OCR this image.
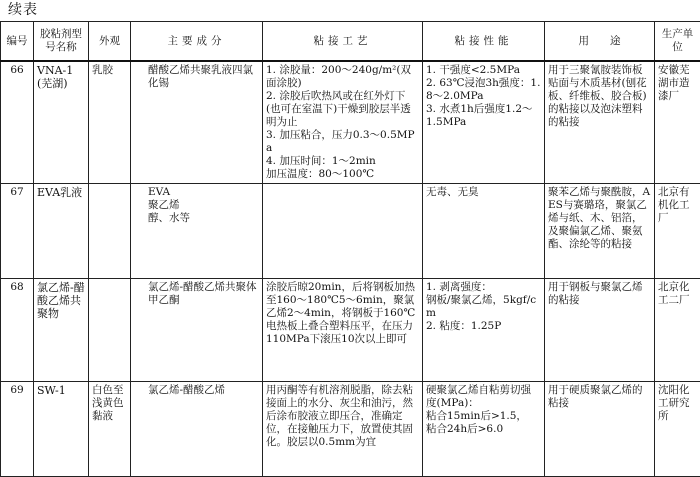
续表
编号	胶粘剂型号名称	外观	主要成分	粘接工艺	粘接性能	用　　途	生产单位
66	VNA-1(芜湖)	乳胶	醋酸乙烯共聚乳液四氯化锡	1. 涂胶量：200～240g/m²(双面涂胶)
2. 涂胶后吹热风或在红外灯下(也可在室温下)干燥到胶层半透明为止
3. 加压粘合，压力0.3～0.5MPa
4. 加压时间：1～2min
加压温度：80～100℃	1. 干强度<2.5MPa
2. 63℃浸泡3h强度：1.8～2.0MPa
3. 水煮1h后强度1.2～1.5MPa	用于三聚氰胺装饰板贴面与木质基材(刨花板、纤维板、胶合板)的粘接以及泡沫塑料的粘接	安徽芜湖市造漆厂
67	EVA乳液		EVA
聚乙烯
醇、水等		无毒、无臭	聚苯乙烯与聚酰胺，AES与赛璐珞，聚氯乙烯与纸、木、铝箔，及聚偏氯乙烯、聚氨酯、涂纶等的粘接	北京有机化工厂
68	氯乙烯-醋酸乙烯共聚物		氯乙烯-醋酸乙烯共聚体
甲乙酮	涂胶后晾20min，后将钢板加热至160～180℃5～6min，聚氯乙烯2～4min，将钢板于160℃电热板上叠合塑料压平，在压力110MPa下滚压10次以上即可	1. 剥离强度：
钢板/聚氯乙烯，5kgf/cm
2. 粘度：1.25P	用于钢板与聚氯乙烯的粘接	北京化工二厂
69	SW-1	白色至浅黄色黏液	氯乙烯-醋酸乙烯	用丙酮等有机溶剂脱脂，除去粘接面上的水分、灰尘和油污，然后涂布胶液立即压合，准确定位，在接触压力下，放置使其固化。胶层以0.5mm为宜	硬聚氯乙烯自粘剪切强度(MPa)：
粘合15min后>1.5，
粘合24h后>6.0	用于硬质聚氯乙烯的粘接	沈阳化工研究所
